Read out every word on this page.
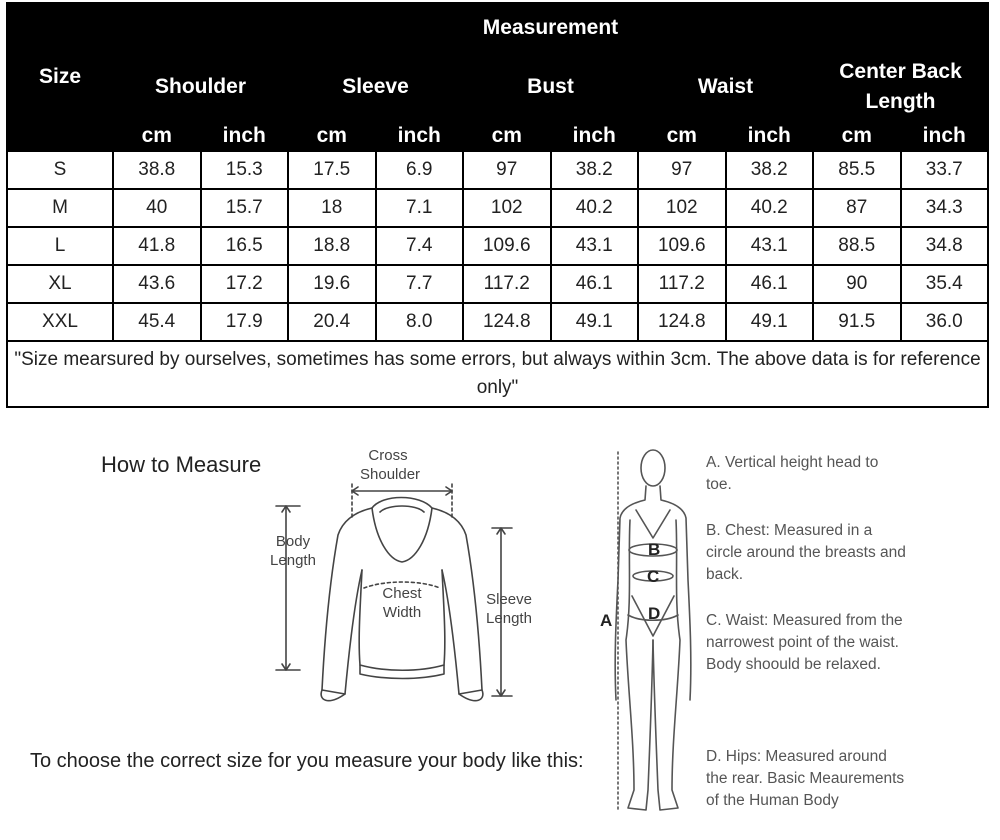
Size	Measurement									
	Shoulder		Sleeve		Bust		Waist		Center Back Length	
	cm	inch	cm	inch	cm	inch	cm	inch	cm	inch
S	38.8	15.3	17.5	6.9	97	38.2	97	38.2	85.5	33.7
M	40	15.7	18	7.1	102	40.2	102	40.2	87	34.3
L	41.8	16.5	18.8	7.4	109.6	43.1	109.6	43.1	88.5	34.8
XL	43.6	17.2	19.6	7.7	117.2	46.1	117.2	46.1	90	35.4
XXL	45.4	17.9	20.4	8.0	124.8	49.1	124.8	49.1	91.5	36.0
"Size mearsured by ourselves, sometimes has some errors, but always within 3cm. The above data is for reference only"										
How to Measure
To choose the correct size for you measure your body like this:
Cross Shoulder
Body Length
Chest Width
Sleeve Length	A
B
C
D
A. Vertical height head to toe.
B. Chest: Measured in a circle around the breasts and back.
C. Waist: Measured from the narrowest point of the waist. Body shoould be relaxed.
D. Hips: Measured around the rear. Basic Meaurements of the Human Body
